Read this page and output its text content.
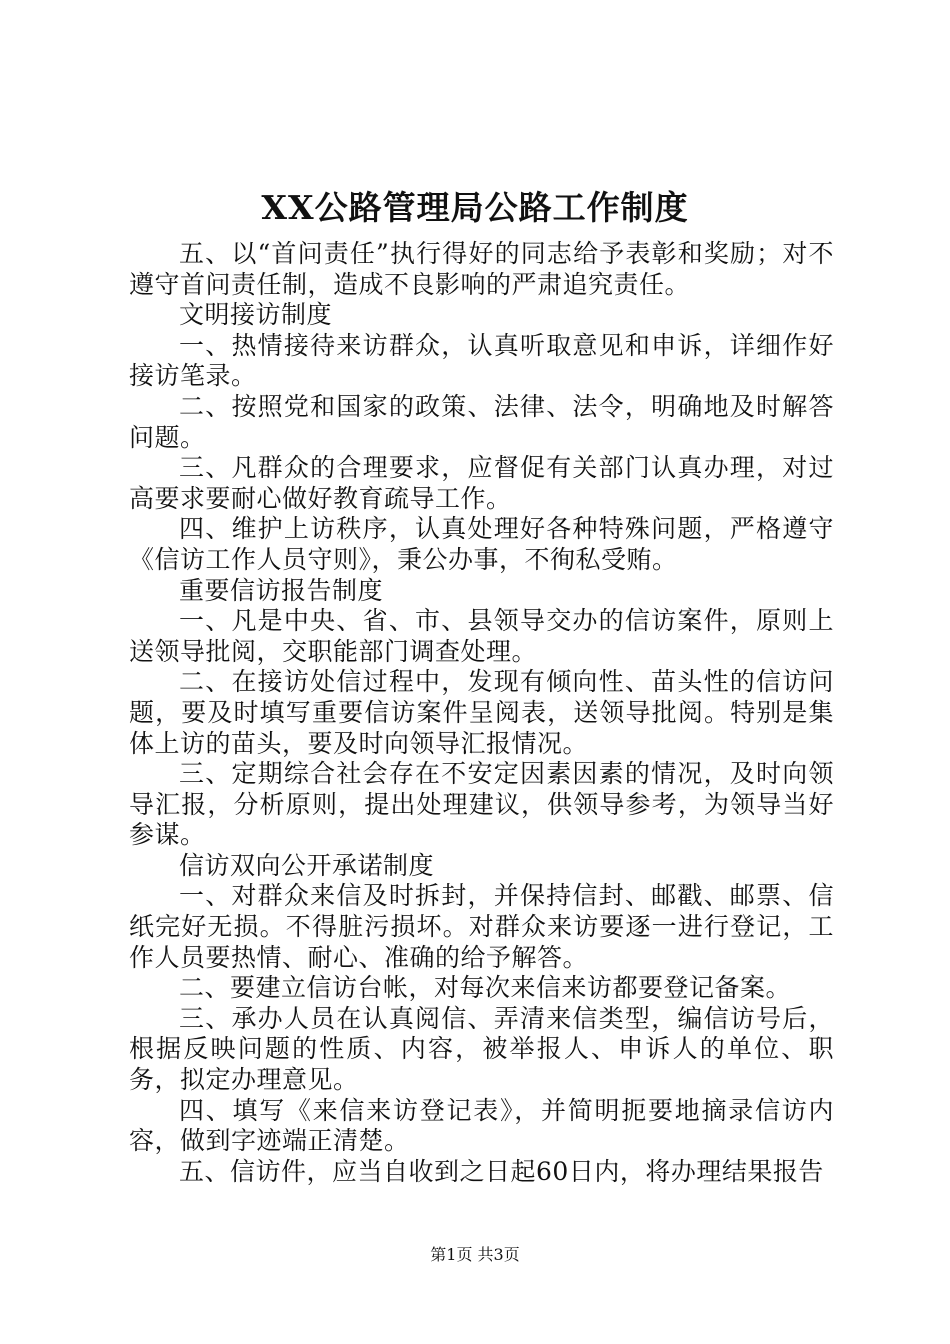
XX公路管理局公路工作制度

五、以“首问责任”执行得好的同志给予表彰和奖励；对不遵守首问责任制，造成不良影响的严肃追究责任。

文明接访制度

一、热情接待来访群众，认真听取意见和申诉，详细作好接访笔录。

二、按照党和国家的政策、法律、法令，明确地及时解答问题。

三、凡群众的合理要求，应督促有关部门认真办理，对过高要求要耐心做好教育疏导工作。

四、维护上访秩序，认真处理好各种特殊问题，严格遵守《信访工作人员守则》，秉公办事，不徇私受贿。

重要信访报告制度

一、凡是中央、省、市、县领导交办的信访案件，原则上送领导批阅，交职能部门调查处理。

二、在接访处信过程中，发现有倾向性、苗头性的信访问题，要及时填写重要信访案件呈阅表，送领导批阅。特别是集体上访的苗头，要及时向领导汇报情况。

三、定期综合社会存在不安定因素因素的情况，及时向领导汇报，分析原则，提出处理建议，供领导参考，为领导当好参谋。

信访双向公开承诺制度

一、对群众来信及时拆封，并保持信封、邮戳、邮票、信纸完好无损。不得脏污损坏。对群众来访要逐一进行登记，工作人员要热情、耐心、准确的给予解答。

二、要建立信访台帐，对每次来信来访都要登记备案。

三、承办人员在认真阅信、弄清来信类型，编信访号后，根据反映问题的性质、内容，被举报人、申诉人的单位、职务，拟定办理意见。

四、填写《来信来访登记表》，并简明扼要地摘录信访内容，做到字迹端正清楚。

五、信访件，应当自收到之日起60日内，将办理结果报告

第1页 共3页
